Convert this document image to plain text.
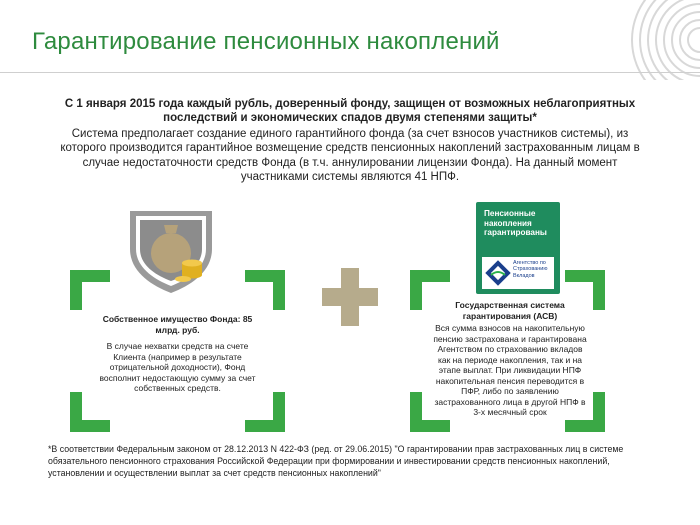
Гарантирование пенсионных накоплений
С 1 января 2015 года каждый рубль, доверенный фонду, защищен от возможных неблагоприятных последствий и экономических спадов двумя степенями защиты*
Система предполагает создание единого гарантийного фонда (за счет взносов участников системы), из которого производится гарантийное возмещение средств пенсионных накоплений застрахованным лицам в случае недостаточности средств Фонда (в т.ч. аннулировании лицензии Фонда). На данный момент участниками системы являются 41 НПФ.
Собственное имущество Фонда: 85 млрд. руб.
В случае нехватки средств на счете Клиента (например в результате отрицательной доходности), Фонд восполнит недостающую сумму за счет собственных средств.
Пенсионные накопления гарантированы
Агентство по Страхованию Вкладов
Государственная система гарантирования (АСВ)
Вся сумма взносов на накопительную пенсию застрахована и гарантирована Агентством по страхованию вкладов как на периоде накопления, так и на этапе выплат. При ликвидации НПФ накопительная пенсия переводится в ПФР, либо по заявлению застрахованного лица в другой НПФ в 3-х месячный срок
*В соответствии Федеральным законом от 28.12.2013 N 422-ФЗ (ред. от 29.06.2015) "О гарантировании прав застрахованных лиц в системе обязательного пенсионного страхования Российской Федерации при формировании и инвестировании средств пенсионных накоплений, установлении и осуществлении выплат за счет средств пенсионных накоплений"
